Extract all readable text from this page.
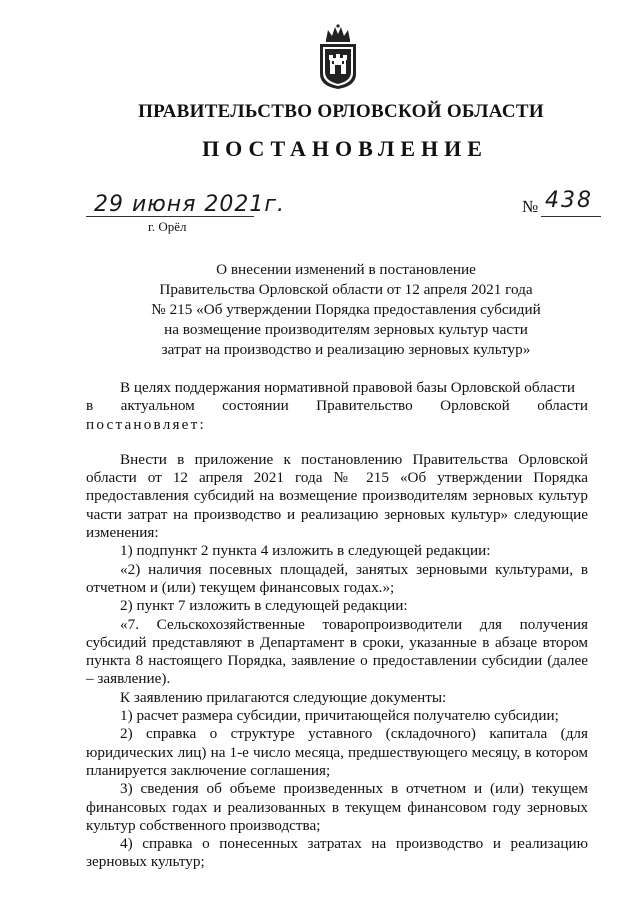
ПРАВИТЕЛЬСТВО ОРЛОВСКОЙ ОБЛАСТИ
ПОСТАНОВЛЕНИЕ
29 июня 2021г.
г. Орёл
№ 438
О внесении изменений в постановление
Правительства Орловской области от 12 апреля 2021 года
№ 215 «Об утверждении Порядка предоставления субсидий
на возмещение производителям зерновых культур части
затрат на производство и реализацию зерновых культур»

В целях поддержания нормативной правовой базы Орловской области

в актуальном состоянии Правительство Орловской области

постановляет:

Внести в приложение к постановлению Правительства Орловской области от 12 апреля 2021 года № 215 «Об утверждении Порядка предоставления субсидий на возмещение производителям зерновых культур части затрат на производство и реализацию зерновых культур» следующие изменения:

1) подпункт 2 пункта 4 изложить в следующей редакции:

«2) наличия посевных площадей, занятых зерновыми культурами, в отчетном и (или) текущем финансовых годах.»;

2) пункт 7 изложить в следующей редакции:

«7. Сельскохозяйственные товаропроизводители для получения субсидий представляют в Департамент в сроки, указанные в абзаце втором пункта 8 настоящего Порядка, заявление о предоставлении субсидии (далее – заявление).

К заявлению прилагаются следующие документы:

1) расчет размера субсидии, причитающейся получателю субсидии;

2) справка о структуре уставного (складочного) капитала (для юридических лиц) на 1-е число месяца, предшествующего месяцу, в котором планируется заключение соглашения;

3) сведения об объеме произведенных в отчетном и (или) текущем финансовых годах и реализованных в текущем финансовом году зерновых культур собственного производства;

4) справка о понесенных затратах на производство и реализацию зерновых культур;
